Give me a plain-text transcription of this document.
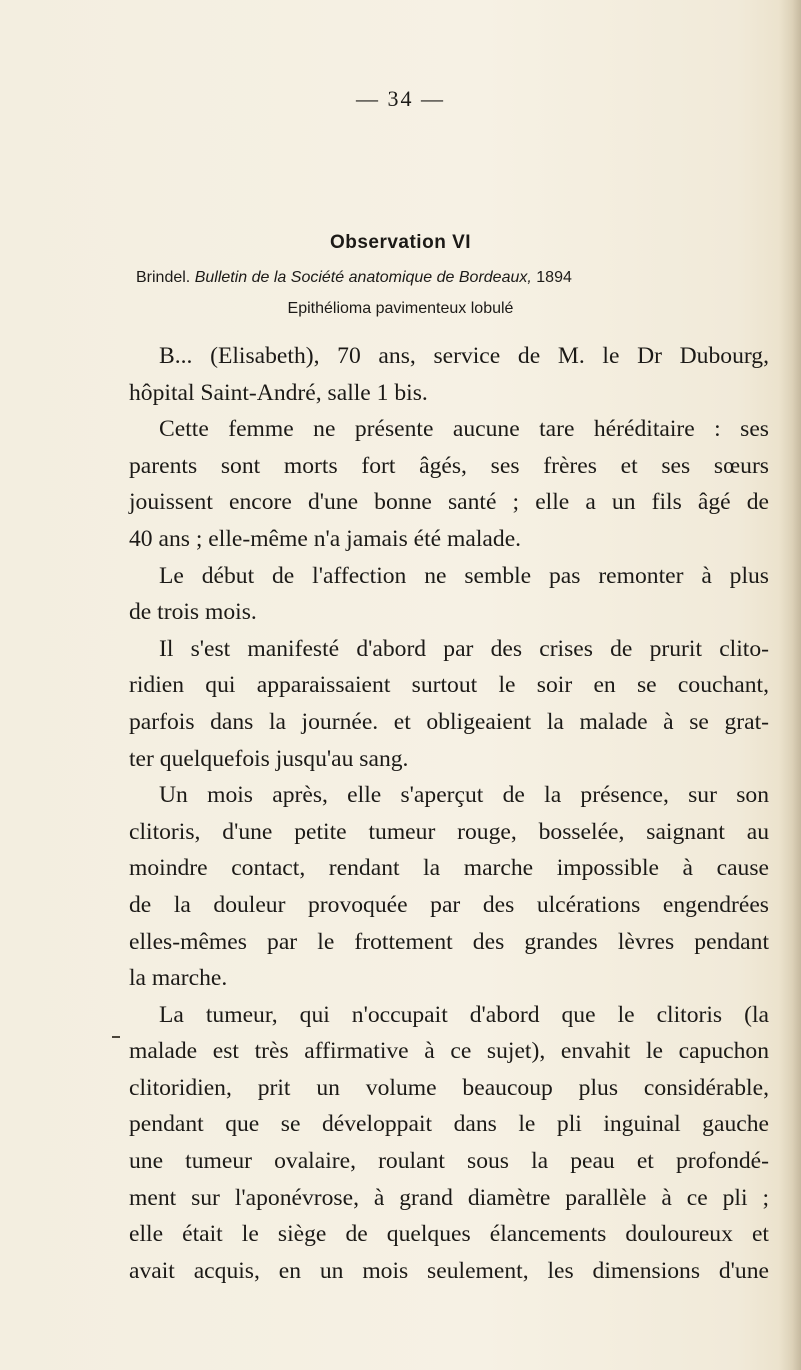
— 34 —
Observation VI
Brindel. Bulletin de la Société anatomique de Bordeaux, 1894
Epithélioma pavimenteux lobulé
B... (Elisabeth), 70 ans, service de M. le Dr Dubourg,
hôpital Saint-André, salle 1 bis.
Cette femme ne présente aucune tare héréditaire : ses
parents sont morts fort âgés, ses frères et ses sœurs
jouissent encore d'une bonne santé ; elle a un fils âgé de
40 ans ; elle-même n'a jamais été malade.
Le début de l'affection ne semble pas remonter à plus
de trois mois.
Il s'est manifesté d'abord par des crises de prurit clito-
ridien qui apparaissaient surtout le soir en se couchant,
parfois dans la journée. et obligeaient la malade à se grat-
ter quelquefois jusqu'au sang.
Un mois après, elle s'aperçut de la présence, sur son
clitoris, d'une petite tumeur rouge, bosselée, saignant au
moindre contact, rendant la marche impossible à cause
de la douleur provoquée par des ulcérations engendrées
elles-mêmes par le frottement des grandes lèvres pendant
la marche.
La tumeur, qui n'occupait d'abord que le clitoris (la
malade est très affirmative à ce sujet), envahit le capuchon
clitoridien, prit un volume beaucoup plus considérable,
pendant que se développait dans le pli inguinal gauche
une tumeur ovalaire, roulant sous la peau et profondé-
ment sur l'aponévrose, à grand diamètre parallèle à ce pli ;
elle était le siège de quelques élancements douloureux et
avait acquis, en un mois seulement, les dimensions d'une
